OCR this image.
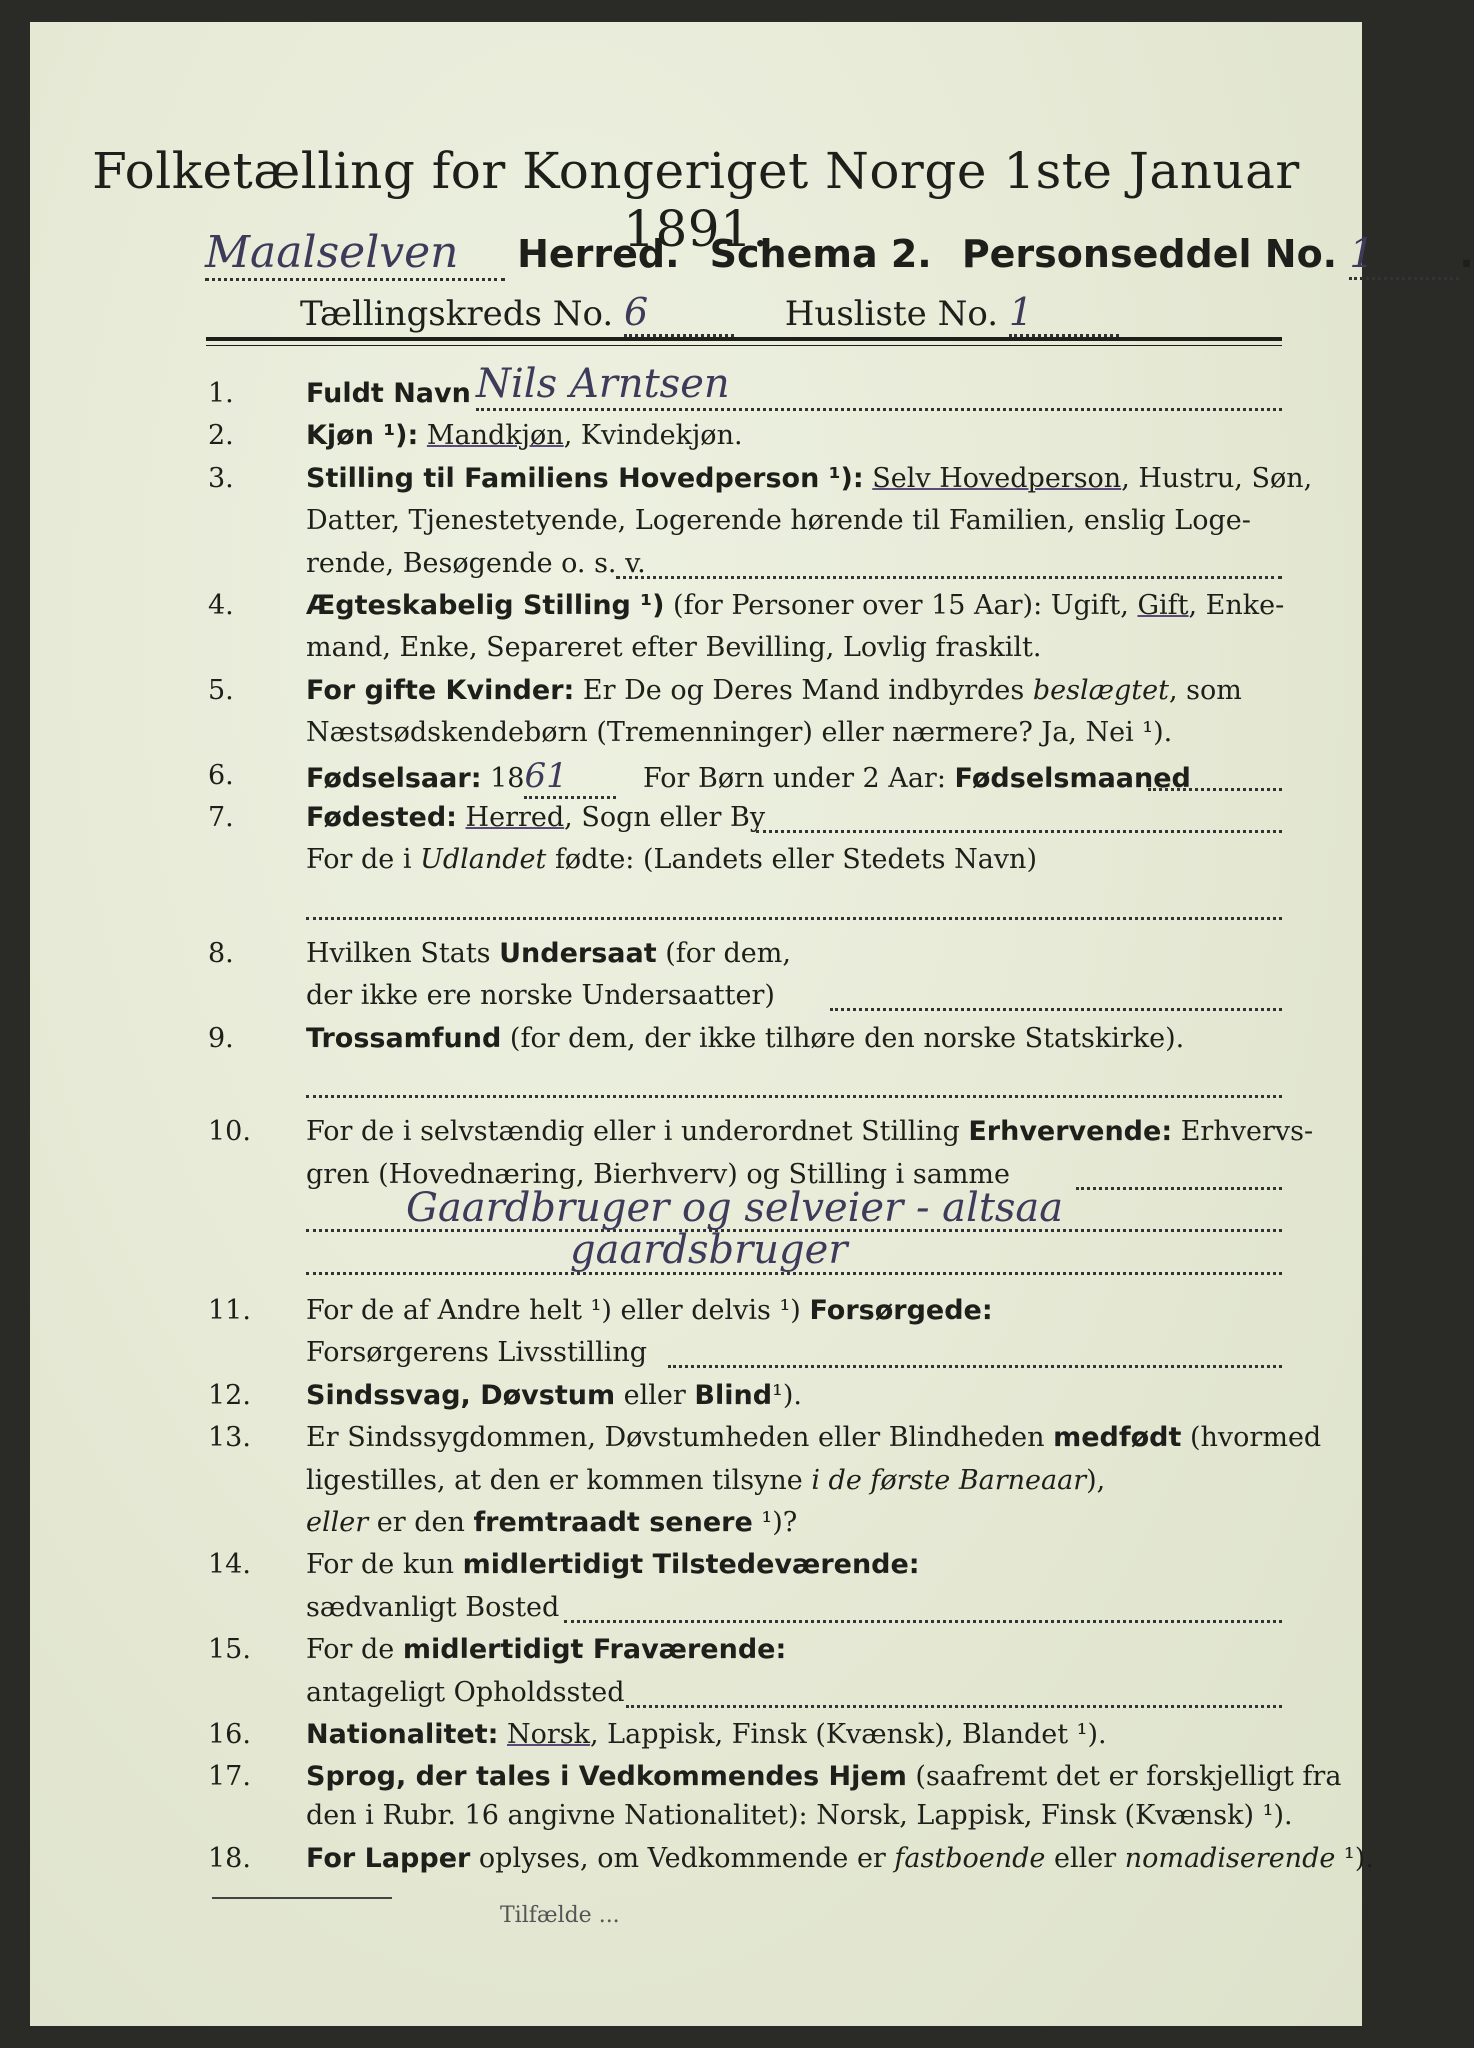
Folketælling for Kongeriget Norge 1ste Januar 1891.
Maalselven Herred. Schema 2. Personseddel No. 1 .
Tællingskreds No. 6	Husliste No. 1
1.	Fuldt Navn Nils Arntsen
2.	Kjøn ¹): Mandkjøn, Kvindekjøn.
3.	Stilling til Familiens Hovedperson ¹): Selv Hovedperson, Hustru, Søn,
Datter, Tjenestetyende, Logerende hørende til Familien, enslig Loge-
rende, Besøgende o. s. v.
4.	Ægteskabelig Stilling ¹) (for Personer over 15 Aar): Ugift, Gift, Enke-
mand, Enke, Separeret efter Bevilling, Lovlig fraskilt.
5.	For gifte Kvinder: Er De og Deres Mand indbyrdes beslægtet, som
Næstsødskendebørn (Tremenninger) eller nærmere? Ja, Nei ¹).
6.	Fødselsaar: 1861	For Børn under 2 Aar: Fødselsmaaned
7.	Fødested: Herred, Sogn eller By
For de i Udlandet fødte: (Landets eller Stedets Navn)
8.	Hvilken Stats Undersaat (for dem,
der ikke ere norske Undersaatter)
9.	Trossamfund (for dem, der ikke tilhøre den norske Statskirke).
10. For de i selvstændig eller i underordnet Stilling Erhvervende: Erhvervs-
gren (Hovednæring, Bierhverv) og Stilling i samme
Gaardbruger og selveier - altsaa
gaardsbruger
11. For de af Andre helt ¹) eller delvis ¹) Forsørgede:
Forsørgerens Livsstilling
12. Sindssvag, Døvstum eller Blind¹).
13. Er Sindssygdommen, Døvstumheden eller Blindheden medfødt (hvormed
ligestilles, at den er kommen tilsyne i de første Barneaar),
eller er den fremtraadt senere ¹)?
14. For de kun midlertidigt Tilstedeværende:
sædvanligt Bosted
15. For de midlertidigt Fraværende:
antageligt Opholdssted
16. Nationalitet: Norsk, Lappisk, Finsk (Kvænsk), Blandet ¹).
17. Sprog, der tales i Vedkommendes Hjem (saafremt det er forskjelligt fra
den i Rubr. 16 angivne Nationalitet): Norsk, Lappisk, Finsk (Kvænsk) ¹).
18. For Lapper oplyses, om Vedkommende er fastboende eller nomadiserende ¹).
Tilfælde ...
